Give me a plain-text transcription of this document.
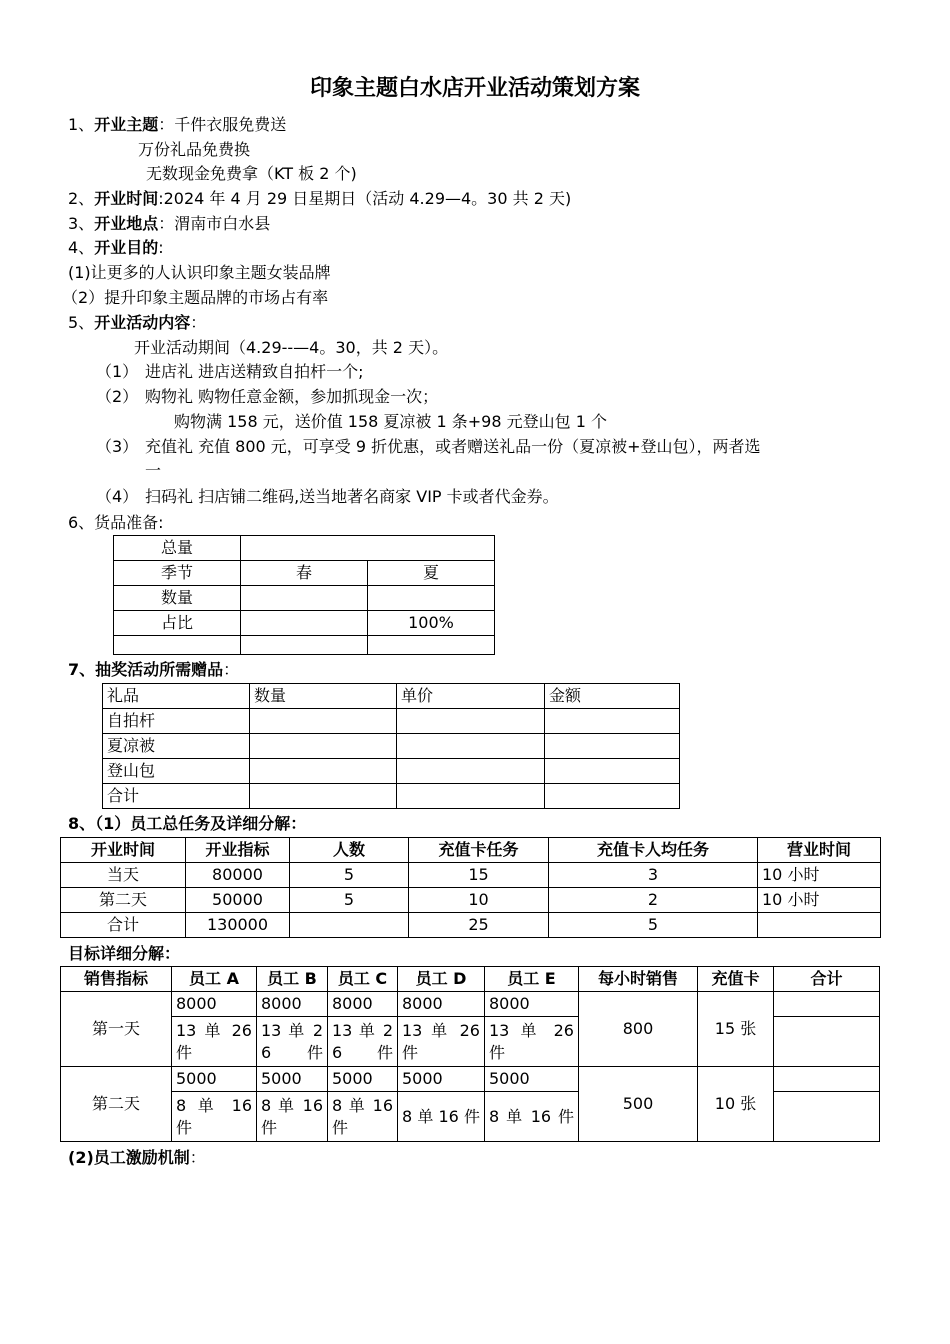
印象主题白水店开业活动策划方案
1、开业主题：千件衣服免费送
万份礼品免费换
无数现金免费拿（KT 板 2 个)
2、开业时间:2024 年 4 月 29 日星期日（活动 4.29—4。30 共 2 天)
3、开业地点：渭南市白水县
4、开业目的:
(1)让更多的人认识印象主题女装品牌
（2）提升印象主题品牌的市场占有率
5、开业活动内容：
开业活动期间（4.29--—4。30，共 2 天）。
（1） 进店礼 进店送精致自拍杆一个;
（2） 购物礼 购物任意金额，参加抓现金一次；
购物满 158 元，送价值 158 夏凉被 1 条+98 元登山包 1 个
（3） 充值礼 充值 800 元，可享受 9 折优惠，或者赠送礼品一份（夏凉被+登山包），两者选
一
（4） 扫码礼 扫店铺二维码,送当地著名商家 VIP 卡或者代金券。
6、货品准备:
总量		
季节	春	夏
数量		
占比		100%

7、抽奖活动所需赠品：
礼品	数量	单价	金额
自拍杆			
夏凉被			
登山包			
合计			
8、（1）员工总任务及详细分解：
开业时间	开业指标	人数	充值卡任务	充值卡人均任务	营业时间
当天	80000	5	15	3	10 小时
第二天	50000	5	10	2	10 小时
合计	130000		25	5	
目标详细分解：
销售指标	员工 A	员工 B	员工 C	员工 D	员工 E	每小时销售	充值卡	合计
第一天	8000	8000	8000	8000	8000	800	15 张	
	13 单 26 件	13 单 26 件	13 单 26 件	13 单 26 件	13 单 26 件			
第二天	5000	5000	5000	5000	5000	500	10 张	
	8 单 16 件	8 单 16 件	8 单 16 件	8 单 16 件	8 单 16 件			
(2)员工激励机制：
